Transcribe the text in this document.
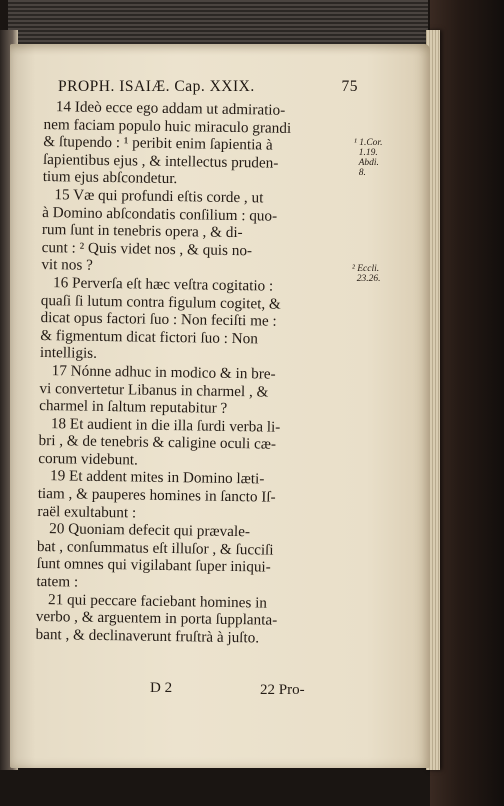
PROPH. ISAIÆ. Cap. XXIX.	75
14 Ideò ecce ego addam ut admiratio-
nem faciam populo huic miraculo grandi
& ſtupendo : ¹ peribit enim ſapientia à
ſapientibus ejus , & intellectus pruden-
tium ejus abſcondetur.
15 Væ qui profundi eſtis corde , ut
à Domino abſcondatis conſilium : quo-
rum ſunt in tenebris opera , & di-
cunt : ² Quis videt nos , & quis no-
vit nos ?
16 Perverſa eſt hæc veſtra cogitatio :
quaſi ſi lutum contra figulum cogitet, &
dicat opus factori ſuo : Non feciſti me :
& figmentum dicat fictori ſuo : Non
intelligis.
17 Nónne adhuc in modico & in bre-
vi convertetur Libanus in charmel , &
charmel in ſaltum reputabitur ?
18 Et audient in die illa ſurdi verba li-
bri , & de tenebris & caligine oculi cæ-
corum videbunt.
19 Et addent mites in Domino læti-
tiam , & pauperes homines in ſancto Iſ-
raël exultabunt :
20 Quoniam defecit qui prævale-
bat , conſummatus eſt illuſor , & ſucciſi
ſunt omnes qui vigilabant ſuper iniqui-
tatem :
21 qui peccare faciebant homines in
verbo , & arguentem in porta ſupplanta-
bant , & declinaverunt fruſtrà à juſto.
¹ 1.Cor.
1.19.
Abdi.
8.
² Eccli.
23.26.
D 2	22 Pro-
